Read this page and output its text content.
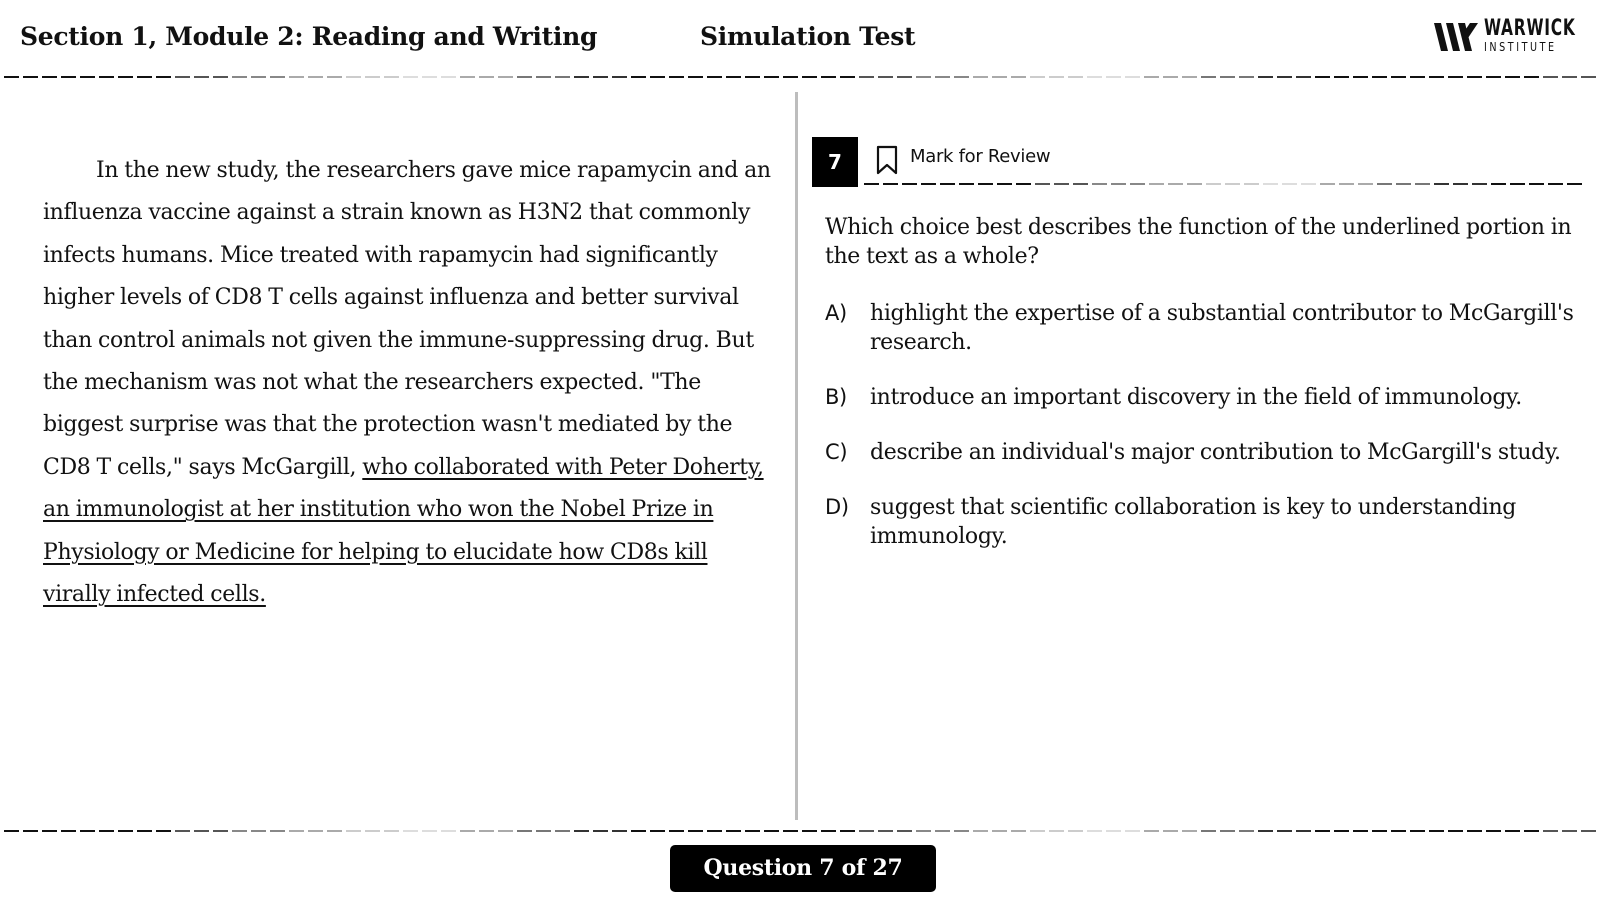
Section 1, Module 2: Reading and Writing	Simulation Test	WARWICK
INSTITUTE

In the new study, the researchers gave mice rapamycin and an influenza vaccine against a strain known as H3N2 that commonly infects humans. Mice treated with rapamycin had significantly higher levels of CD8 T cells against influenza and better survival than control animals not given the immune-suppressing drug. But the mechanism was not what the researchers expected. "The biggest surprise was that the protection wasn't mediated by the CD8 T cells," says McGargill, who collaborated with Peter Doherty, an immunologist at her institution who won the Nobel Prize in Physiology or Medicine for helping to elucidate how CD8s kill virally infected cells.

7	Mark for Review
Which choice best describes the function of the underlined portion in the text as a whole?
A) highlight the expertise of a substantial contributor to McGargill's research.
B) introduce an important discovery in the field of immunology.
C) describe an individual's major contribution to McGargill's study.
D) suggest that scientific collaboration is key to understanding immunology.
Question 7 of 27
